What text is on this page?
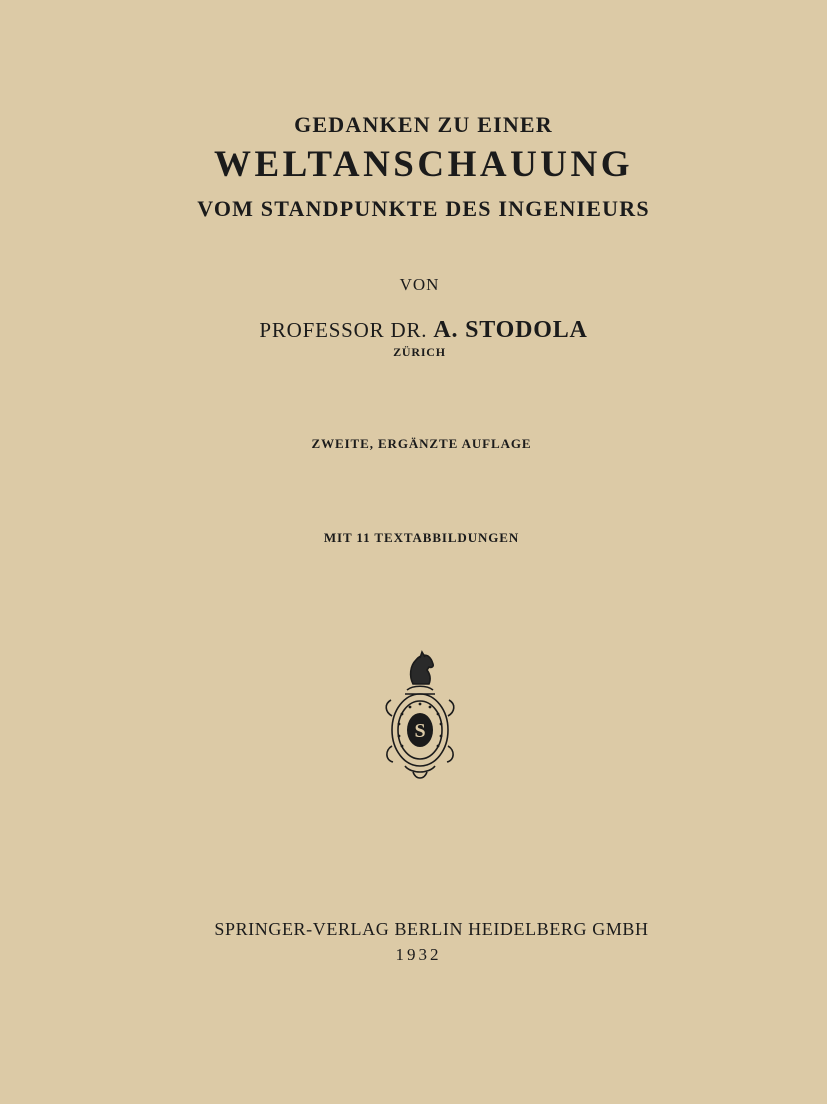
GEDANKEN ZU EINER
WELTANSCHAUUNG
VOM STANDPUNKTE DES INGENIEURS
VON
PROFESSOR DR. A. STODOLA
ZÜRICH
ZWEITE, ERGÄNZTE AUFLAGE
MIT 11 TEXTABBILDUNGEN
S
SPRINGER-VERLAG BERLIN HEIDELBERG GMBH
1932
